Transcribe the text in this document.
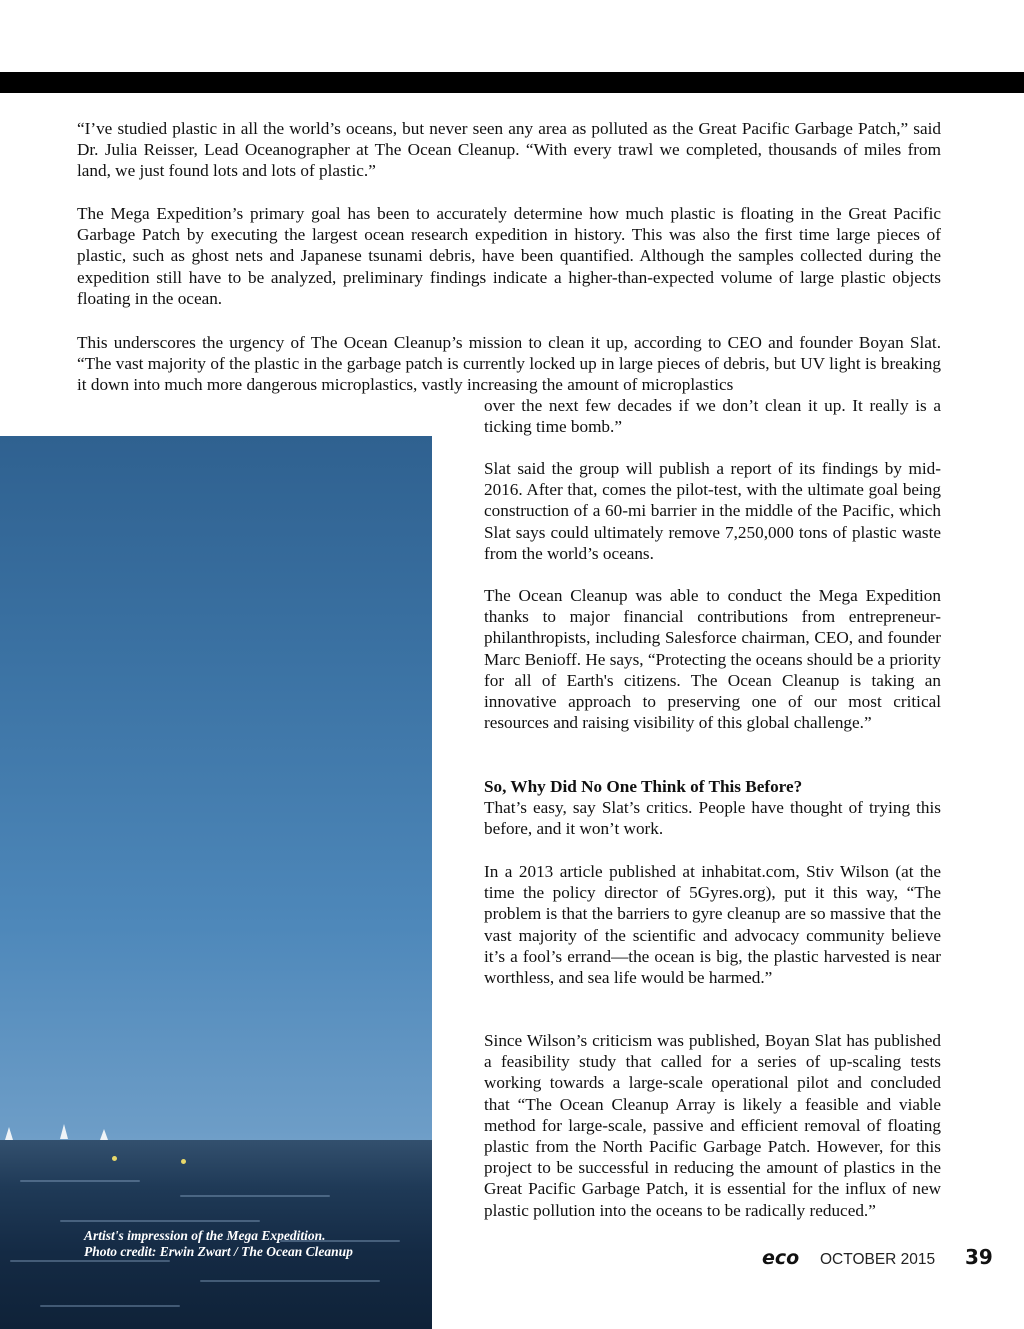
“I’ve studied plastic in all the world’s oceans, but never seen any area as polluted as the Great Pacific Garbage Patch,” said Dr. Julia Reisser, Lead Oceanographer at The Ocean Cleanup. “With every trawl we completed, thousands of miles from land, we just found lots and lots of plastic.”

The Mega Expedition’s primary goal has been to accurately determine how much plastic is floating in the Great Pacific Garbage Patch by executing the largest ocean research expedition in history. This was also the first time large pieces of plastic, such as ghost nets and Japanese tsunami debris, have been quantified. Although the samples collected during the expedition still have to be analyzed, preliminary findings indicate a higher-than-expected volume of large plastic objects floating in the ocean.

This underscores the urgency of The Ocean Cleanup’s mission to clean it up, according to CEO and founder Boyan Slat. “The vast majority of the plastic in the garbage patch is currently locked up in large pieces of debris, but UV light is breaking it down into much more dangerous microplastics, vastly increasing the amount of microplastics

over the next few decades if we don’t clean it up. It really is a ticking time bomb.”

Slat said the group will publish a report of its findings by mid-2016. After that, comes the pilot-test, with the ultimate goal being construction of a 60-mi barrier in the middle of the Pacific, which Slat says could ultimately remove 7,250,000 tons of plastic waste from the world’s oceans.

The Ocean Cleanup was able to conduct the Mega Expedition thanks to major financial contributions from entrepreneur-philanthropists, including Salesforce chairman, CEO, and founder Marc Benioff. He says, “Protecting the oceans should be a priority for all of Earth's citizens. The Ocean Cleanup is taking an innovative approach to preserving one of our most critical resources and raising visibility of this global challenge.”

So, Why Did No One Think of This Before?

That’s easy, say Slat’s critics. People have thought of trying this before, and it won’t work.

In a 2013 article published at inhabitat.com, Stiv Wilson (at the time the policy director of 5Gyres.org), put it this way, “The problem is that the barriers to gyre cleanup are so massive that the vast majority of the scientific and advocacy community believe it’s a fool’s errand—the ocean is big, the plastic harvested is near worthless, and sea life would be harmed.”

Since Wilson’s criticism was published, Boyan Slat has published a feasibility study that called for a series of up-scaling tests working towards a large-scale operational pilot and concluded that “The Ocean Cleanup Array is likely a feasible and viable method for large-scale, passive and efficient removal of floating plastic from the North Pacific Garbage Patch. However, for this project to be successful in reducing the amount of plastics in the Great Pacific Garbage Patch, it is essential for the influx of new plastic pollution into the oceans to be radically reduced.”

Artist's impression of the Mega Expedition.
Photo credit: Erwin Zwart / The Ocean Cleanup	eco OCTOBER 2015 39
